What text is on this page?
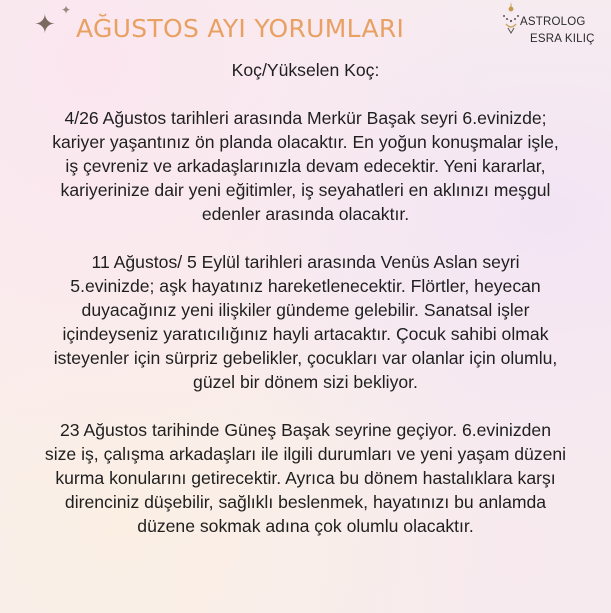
✦ ✦
AĞUSTOS AYI YORUMLARI	ASTROLOG
ESRA KILIÇ

Koç/Yükselen Koç:

4/26 Ağustos tarihleri arasında Merkür Başak seyri 6.evinizde;
kariyer yaşantınız ön planda olacaktır. En yoğun konuşmalar işle,
iş çevreniz ve arkadaşlarınızla devam edecektir. Yeni kararlar,
kariyerinize dair yeni eğitimler, iş seyahatleri en aklınızı meşgul
edenler arasında olacaktır.

11 Ağustos/ 5 Eylül tarihleri arasında Venüs Aslan seyri
5.evinizde; aşk hayatınız hareketlenecektir. Flörtler, heyecan
duyacağınız yeni ilişkiler gündeme gelebilir. Sanatsal işler
içindeyseniz yaratıcılığınız hayli artacaktır. Çocuk sahibi olmak
isteyenler için sürpriz gebelikler, çocukları var olanlar için olumlu,
güzel bir dönem sizi bekliyor.

23 Ağustos tarihinde Güneş Başak seyrine geçiyor. 6.evinizden
size iş, çalışma arkadaşları ile ilgili durumları ve yeni yaşam düzeni
kurma konularını getirecektir. Ayrıca bu dönem hastalıklara karşı
direnciniz düşebilir, sağlıklı beslenmek, hayatınızı bu anlamda
düzene sokmak adına çok olumlu olacaktır.
